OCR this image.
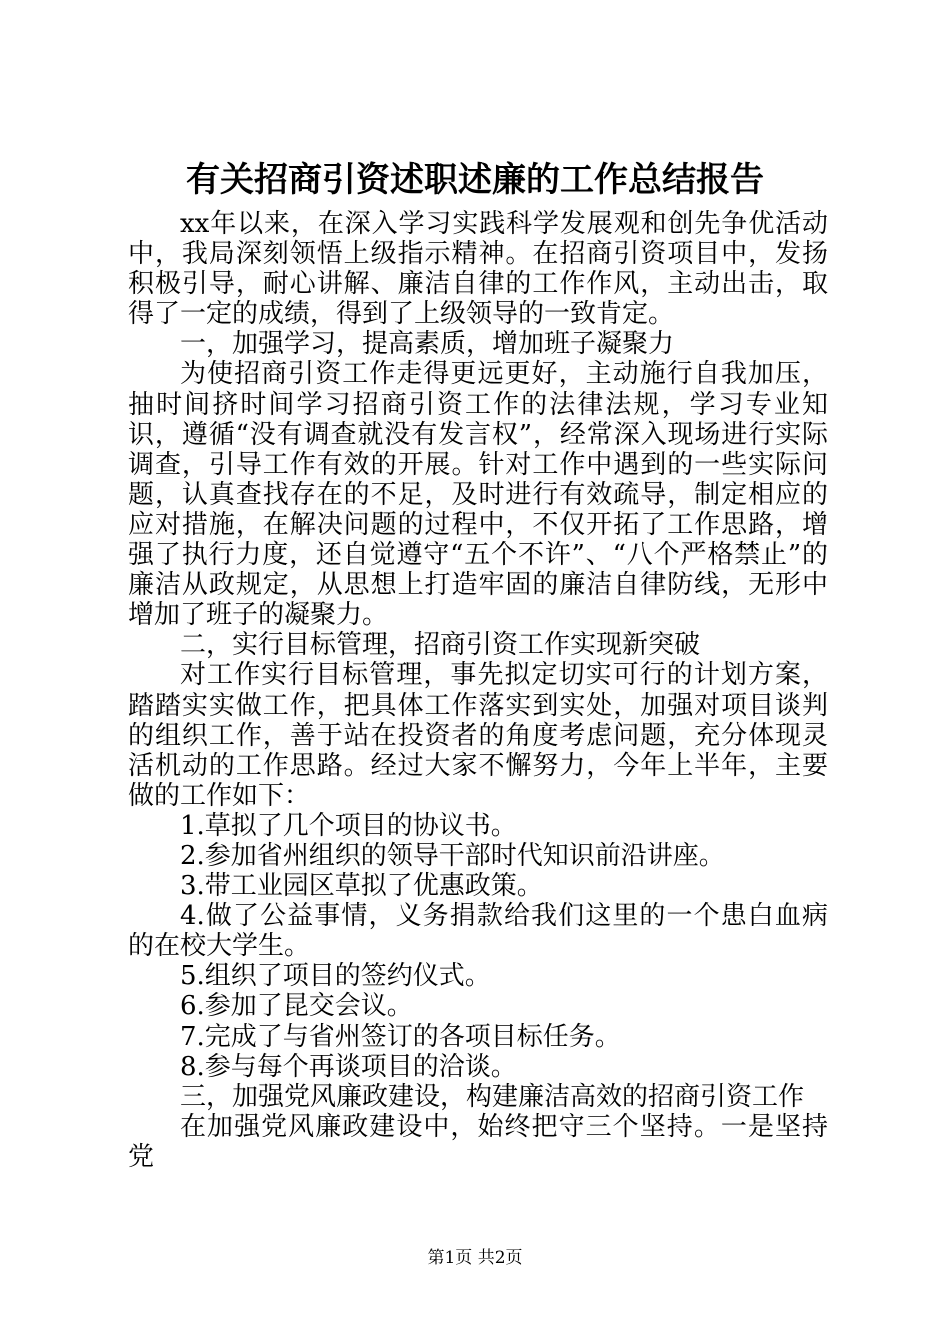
有关招商引资述职述廉的工作总结报告

xx年以来，在深入学习实践科学发展观和创先争优活动中，我局深刻领悟上级指示精神。在招商引资项目中，发扬积极引导，耐心讲解、廉洁自律的工作作风，主动出击，取得了一定的成绩，得到了上级领导的一致肯定。

一，加强学习，提高素质，增加班子凝聚力

为使招商引资工作走得更远更好，主动施行自我加压，抽时间挤时间学习招商引资工作的法律法规，学习专业知识，遵循“没有调查就没有发言权”，经常深入现场进行实际调查，引导工作有效的开展。针对工作中遇到的一些实际问题，认真查找存在的不足，及时进行有效疏导，制定相应的应对措施，在解决问题的过程中，不仅开拓了工作思路，增强了执行力度，还自觉遵守“五个不许”、“八个严格禁止”的廉洁从政规定，从思想上打造牢固的廉洁自律防线，无形中增加了班子的凝聚力。

二，实行目标管理，招商引资工作实现新突破

对工作实行目标管理，事先拟定切实可行的计划方案，踏踏实实做工作，把具体工作落实到实处，加强对项目谈判的组织工作，善于站在投资者的角度考虑问题，充分体现灵活机动的工作思路。经过大家不懈努力，今年上半年，主要做的工作如下：

1.草拟了几个项目的协议书。

2.参加省州组织的领导干部时代知识前沿讲座。

3.带工业园区草拟了优惠政策。

4.做了公益事情，义务捐款给我们这里的一个患白血病的在校大学生。

5.组织了项目的签约仪式。

6.参加了昆交会议。

7.完成了与省州签订的各项目标任务。

8.参与每个再谈项目的洽谈。

三，加强党风廉政建设，构建廉洁高效的招商引资工作

在加强党风廉政建设中，始终把守三个坚持。一是坚持党

第1页 共2页
